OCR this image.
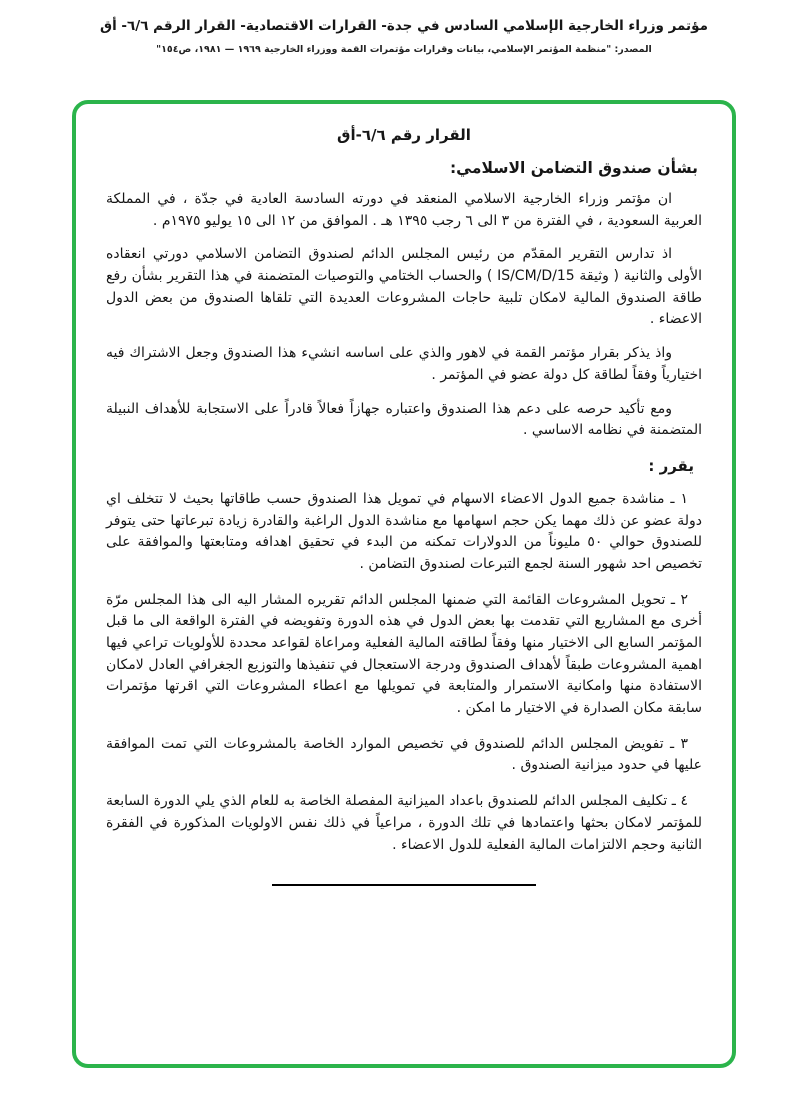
مؤتمر وزراء الخارجية الإسلامي السادس في جدة- القرارات الاقتصادية- القرار الرقم ٦/٦- أق
المصدر: "منظمة المؤتمر الإسلامي، بيانات وقرارات مؤتمرات القمة ووزراء الخارجية ١٩٦٩ — ١٩٨١، ص١٥٤"
القرار رقم ٦/٦-أق
بشأن صندوق التضامن الاسلامي:

ان مؤتمر وزراء الخارجية الاسلامي المنعقد في دورته السادسة العادية في جدّة ، في المملكة العربية السعودية ، في الفترة من ٣ الى ٦ رجب ١٣٩٥ هـ . الموافق من ١٢ الى ١٥ يوليو ١٩٧٥م .

اذ تدارس التقرير المقدّم من رئيس المجلس الدائم لصندوق التضامن الاسلامي دورتي انعقاده الأولى والثانية ( وثيقة IS/CM/D/15 ) والحساب الختامي والتوصيات المتضمنة في هذا التقرير بشأن رفع طاقة الصندوق المالية لامكان تلبية حاجات المشروعات العديدة التي تلقاها الصندوق من بعض الدول الاعضاء .

واذ يذكر بقرار مؤتمر القمة في لاهور والذي على اساسه انشيء هذا الصندوق وجعل الاشتراك فيه اختيارياً وفقاً لطاقة كل دولة عضو في المؤتمر .

ومع تأكيد حرصه على دعم هذا الصندوق واعتباره جهازاً فعالاً قادراً على الاستجابة للأهداف النبيلة المتضمنة في نظامه الاساسي .

يقرر :

١ ـ مناشدة جميع الدول الاعضاء الاسهام في تمويل هذا الصندوق حسب طاقاتها بحيث لا تتخلف اي دولة عضو عن ذلك مهما يكن حجم اسهامها مع مناشدة الدول الراغبة والقادرة زيادة تبرعاتها حتى يتوفر للصندوق حوالي ٥٠ مليوناً من الدولارات تمكنه من البدء في تحقيق اهدافه ومتابعتها والموافقة على تخصيص احد شهور السنة لجمع التبرعات لصندوق التضامن .

٢ ـ تحويل المشروعات القائمة التي ضمنها المجلس الدائم تقريره المشار اليه الى هذا المجلس مرّة أخرى مع المشاريع التي تقدمت بها بعض الدول في هذه الدورة وتفويضه في الفترة الواقعة الى ما قبل المؤتمر السابع الى الاختيار منها وفقاً لطاقته المالية الفعلية ومراعاة لقواعد محددة للأولويات تراعي فيها اهمية المشروعات طبقاً لأهداف الصندوق ودرجة الاستعجال في تنفيذها والتوزيع الجغرافي العادل لامكان الاستفادة منها وامكانية الاستمرار والمتابعة في تمويلها مع اعطاء المشروعات التي اقرتها مؤتمرات سابقة مكان الصدارة في الاختيار ما امكن .

٣ ـ تفويض المجلس الدائم للصندوق في تخصيص الموارد الخاصة بالمشروعات التي تمت الموافقة عليها في حدود ميزانية الصندوق .

٤ ـ تكليف المجلس الدائم للصندوق باعداد الميزانية المفصلة الخاصة به للعام الذي يلي الدورة السابعة للمؤتمر لامكان بحثها واعتمادها في تلك الدورة ، مراعياً في ذلك نفس الاولويات المذكورة في الفقرة الثانية وحجم الالتزامات المالية الفعلية للدول الاعضاء .
